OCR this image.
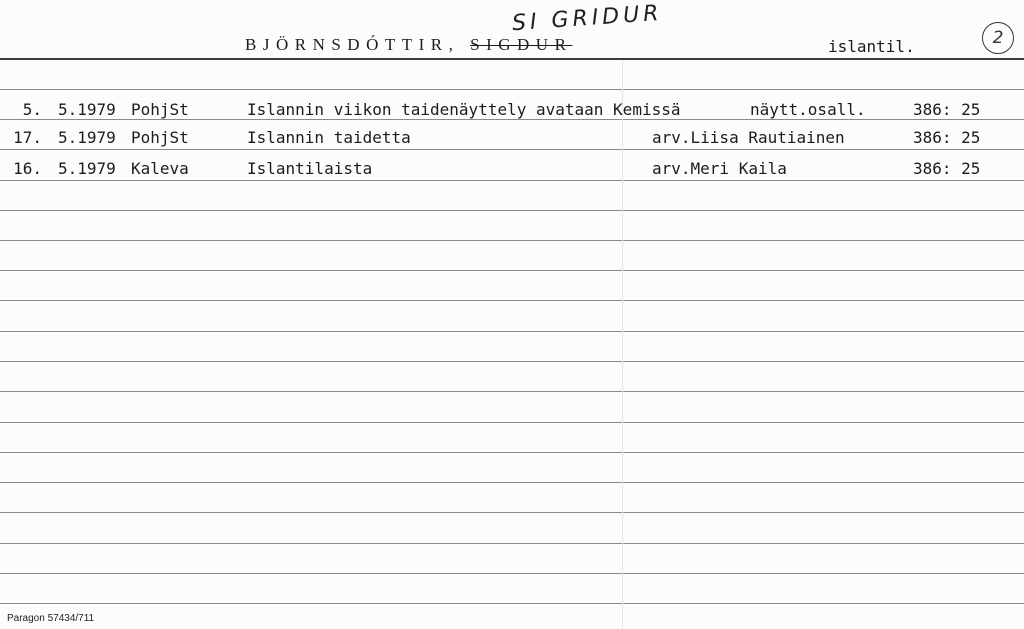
SI GRIDUR
BJÖRNSDÓTTIR, SIGDUR	islantil.	2
5. 5.1979 PohjSt	Islannin viikon taidenäyttely avataan Kemissä	näytt.osall.	386: 25
17. 5.1979 PohjSt	Islannin taidetta	arv.Liisa Rautiainen	386: 25
16. 5.1979 Kaleva	Islantilaista	arv.Meri Kaila	386: 25
Paragon 57434/711
